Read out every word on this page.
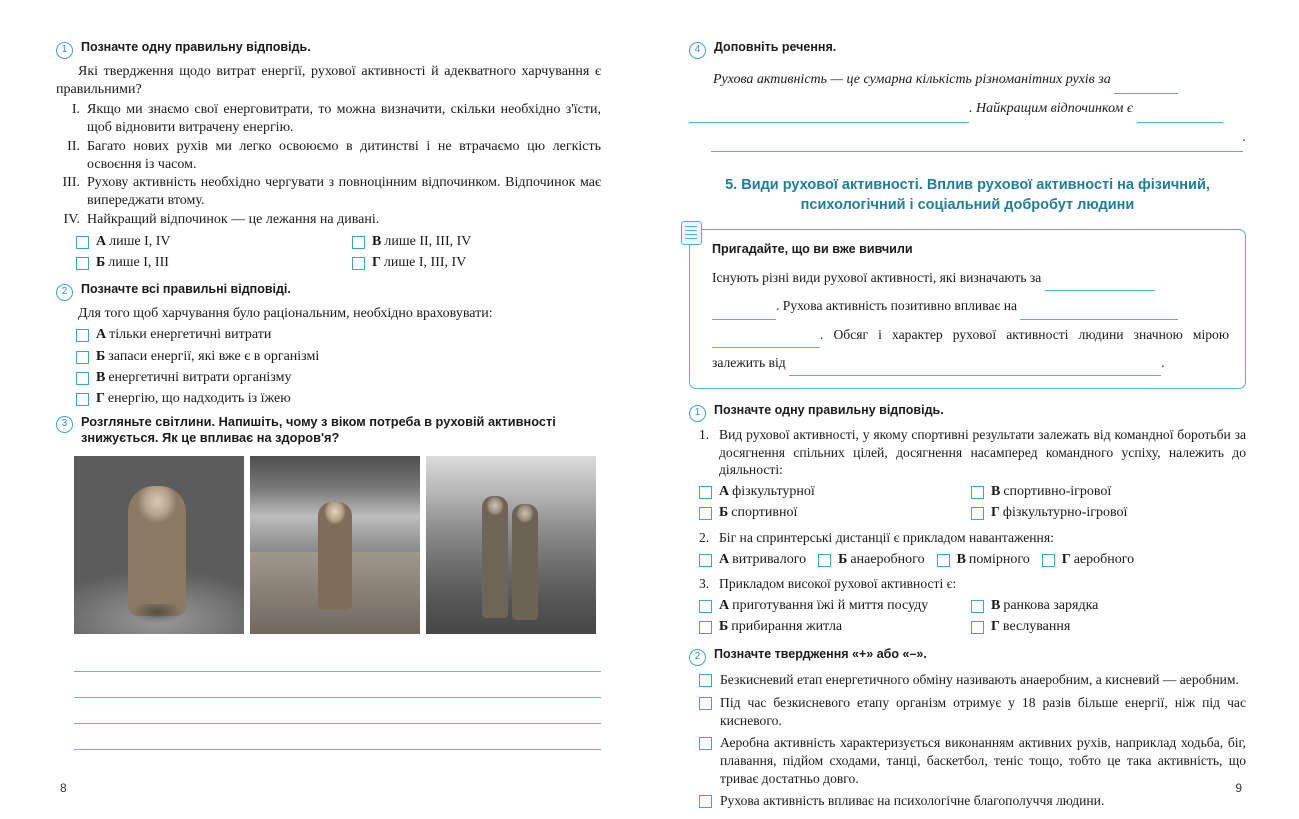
1	Позначте одну правильну відповідь.
Які твердження щодо витрат енергії, рухової активності й адекватного харчування є правильними?
I. Якщо ми знаємо свої енерговитрати, то можна визначити, скільки необхідно з'їсти, щоб відновити витрачену енергію.
II. Багато нових рухів ми легко освоюємо в дитинстві і не втрачаємо цю легкість освоєння із часом.
III. Рухову активність необхідно чергувати з повноцінним відпочинком. Відпочинок має випереджати втому.
IV. Найкращий відпочинок — це лежання на дивані.
А лише I, IV	В лише II, III, IV
Б лише I, III	Г лише I, III, IV
2	Позначте всі правильні відповіді.
Для того щоб харчування було раціональним, необхідно враховувати:
А тільки енергетичні витрати
Б запаси енергії, які вже є в організмі
В енергетичні витрати організму
Г енергію, що надходить із їжею
3	Розгляньте світлини. Напишіть, чому з віком потреба в руховій активності знижується. Як це впливає на здоров'я?
8
4	Доповніть речення.
Рухова активність — це сумарна кількість різноманітних рухів за
. Найкращим відпочинком є
.
5. Види рухової активності. Вплив рухової активності на фізичний,
психологічний і соціальний добробут людини
Пригадайте, що ви вже вивчили
Існують різні види рухової активності, які визначають за
. Рухова активність позитивно впливає на
. Обсяг і характер рухової активності людини значною мірою залежить від	.
1	Позначте одну правильну відповідь.
1. Вид рухової активності, у якому спортивні результати залежать від командної боротьби за досягнення спільних цілей, досягнення насамперед командного успіху, належить до діяльності:
А фізкультурної	В спортивно-ігрової
Б спортивної	Г фізкультурно-ігрової
2. Біг на спринтерські дистанції є прикладом навантаження:
А витривалого Б анаеробного В помірного Г аеробного
3. Прикладом високої рухової активності є:
А приготування їжі й миття посуду	В ранкова зарядка
Б прибирання житла	Г веслування
2	Позначте твердження «+» або «–».
Безкисневий етап енергетичного обміну називають анаеробним, а кисневий — аеробним.
Під час безкисневого етапу організм отримує у 18 разів більше енергії, ніж під час кисневого.
Аеробна активність характеризується виконанням активних рухів, наприклад ходьба, біг, плавання, підйом сходами, танці, баскетбол, теніс тощо, тобто це така активність, що триває достатньо довго.
Рухова активність впливає на психологічне благополуччя людини.
9
